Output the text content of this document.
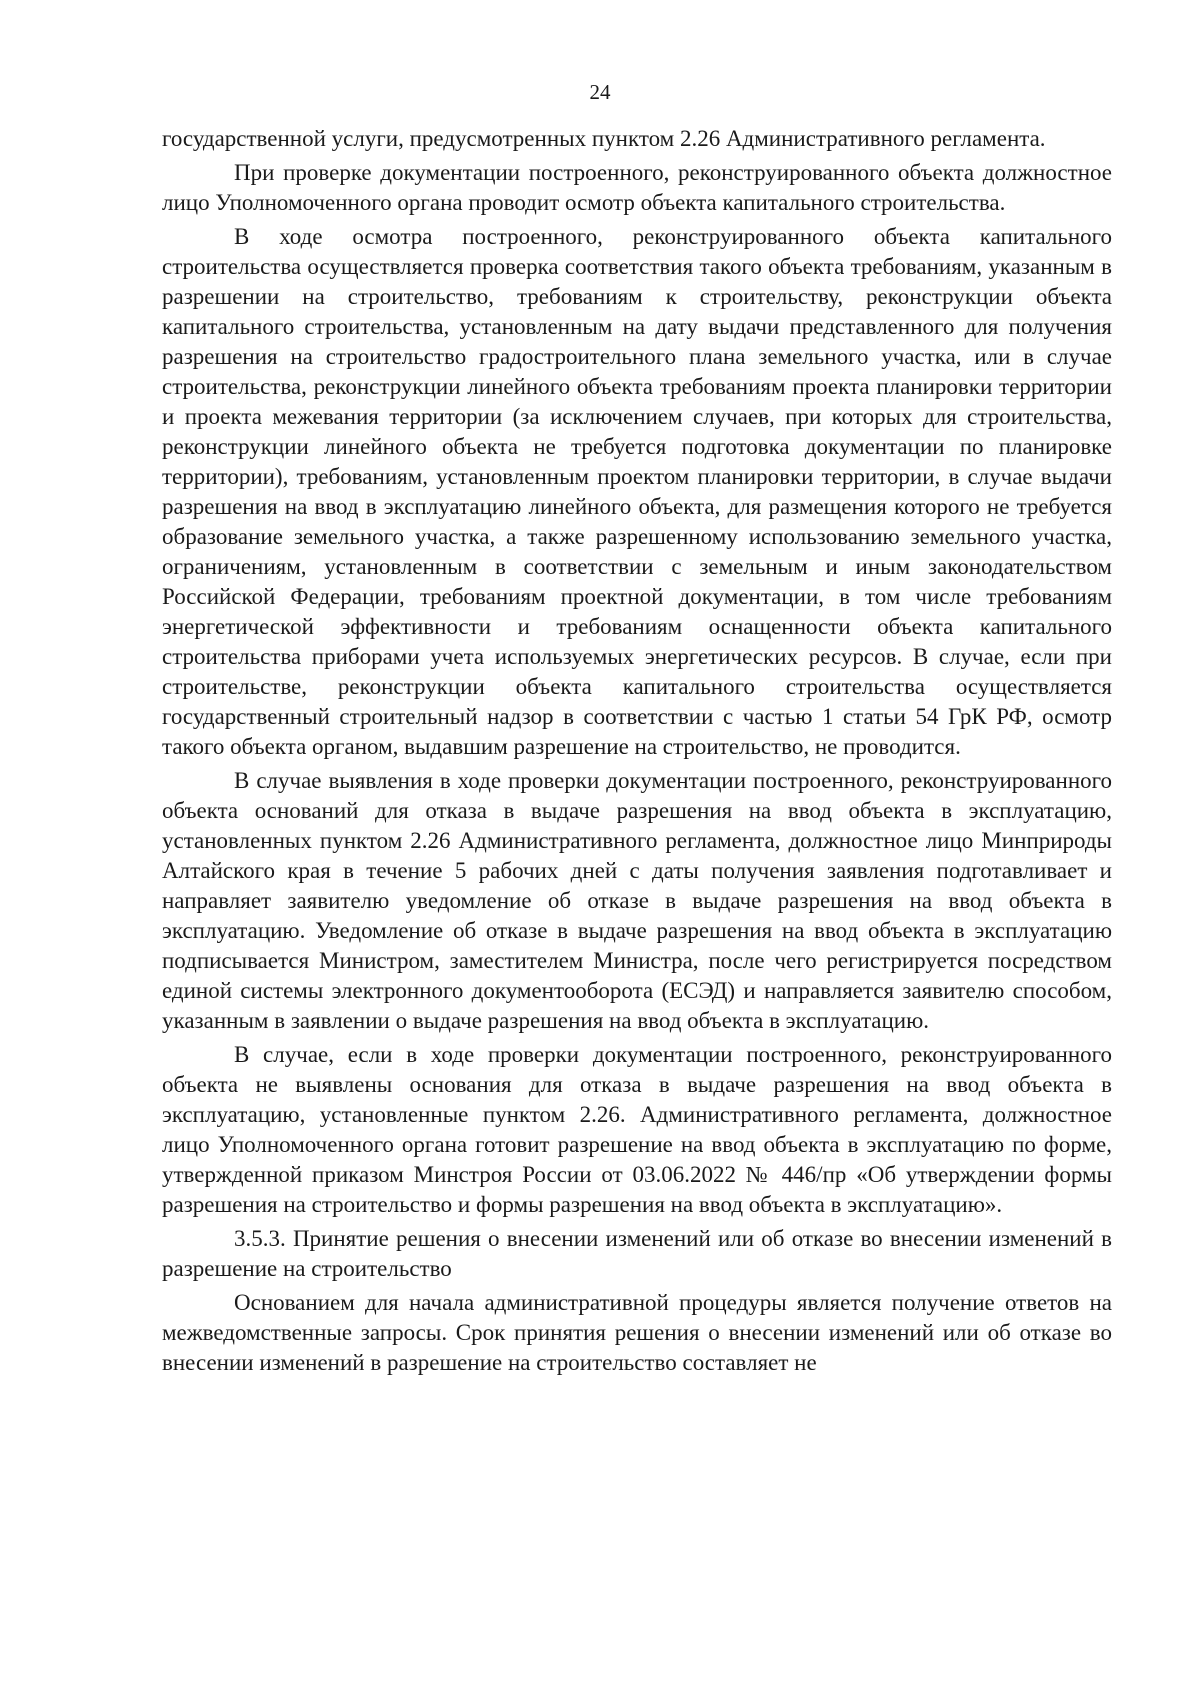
24

государственной услуги, предусмотренных пунктом 2.26 Административного регламента.

При проверке документации построенного, реконструированного объекта должностное лицо Уполномоченного органа проводит осмотр объекта капитального строительства.

В ходе осмотра построенного, реконструированного объекта капитального строительства осуществляется проверка соответствия такого объекта требованиям, указанным в разрешении на строительство, требованиям к строительству, реконструкции объекта капитального строительства, установленным на дату выдачи представленного для получения разрешения на строительство градостроительного плана земельного участка, или в случае строительства, реконструкции линейного объекта требованиям проекта планировки территории и проекта межевания территории (за исключением случаев, при которых для строительства, реконструкции линейного объекта не требуется подготовка документации по планировке территории), требованиям, установленным проектом планировки территории, в случае выдачи разрешения на ввод в эксплуатацию линейного объекта, для размещения которого не требуется образование земельного участка, а также разрешенному использованию земельного участка, ограничениям, установленным в соответствии с земельным и иным законодательством Российской Федерации, требованиям проектной документации, в том числе требованиям энергетической эффективности и требованиям оснащенности объекта капитального строительства приборами учета используемых энергетических ресурсов. В случае, если при строительстве, реконструкции объекта капитального строительства осуществляется государственный строительный надзор в соответствии с частью 1 статьи 54 ГрК РФ, осмотр такого объекта органом, выдавшим разрешение на строительство, не проводится.

В случае выявления в ходе проверки документации построенного, реконструированного объекта оснований для отказа в выдаче разрешения на ввод объекта в эксплуатацию, установленных пунктом 2.26 Административного регламента, должностное лицо Минприроды Алтайского края в течение 5 рабочих дней с даты получения заявления подготавливает и направляет заявителю уведомление об отказе в выдаче разрешения на ввод объекта в эксплуатацию. Уведомление об отказе в выдаче разрешения на ввод объекта в эксплуатацию подписывается Министром, заместителем Министра, после чего регистрируется посредством единой системы электронного документооборота (ЕСЭД) и направляется заявителю способом, указанным в заявлении о выдаче разрешения на ввод объекта в эксплуатацию.

В случае, если в ходе проверки документации построенного, реконструированного объекта не выявлены основания для отказа в выдаче разрешения на ввод объекта в эксплуатацию, установленные пунктом 2.26. Административного регламента, должностное лицо Уполномоченного органа готовит разрешение на ввод объекта в эксплуатацию по форме, утвержденной приказом Минстроя России от 03.06.2022 № 446/пр «Об утверждении формы разрешения на строительство и формы разрешения на ввод объекта в эксплуатацию».

3.5.3. Принятие решения о внесении изменений или об отказе во внесении изменений в разрешение на строительство

Основанием для начала административной процедуры является получение ответов на межведомственные запросы. Срок принятия решения о внесении изменений или об отказе во внесении изменений в разрешение на строительство составляет не
